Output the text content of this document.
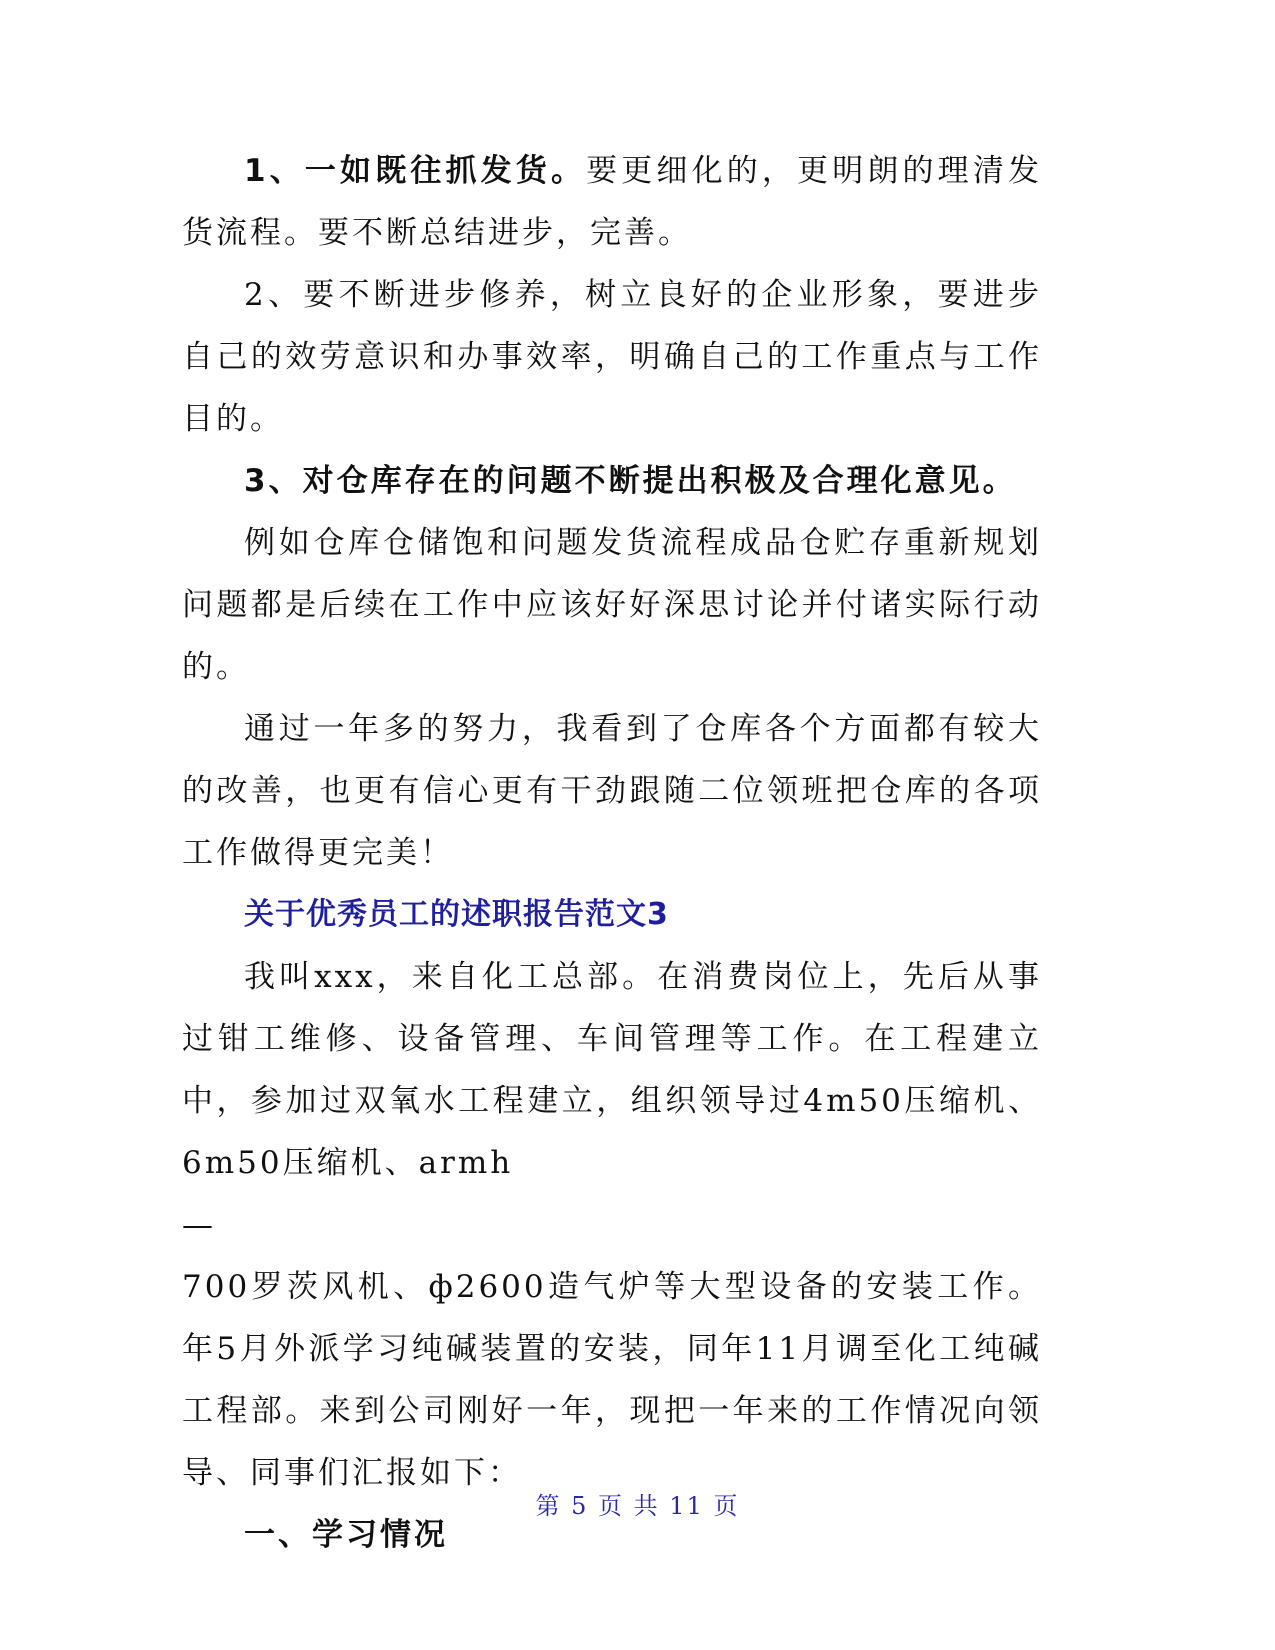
1、一如既往抓发货。要更细化的，更明朗的理清发货流程。要不断总结进步，完善。

2、要不断进步修养，树立良好的企业形象，要进步自己的效劳意识和办事效率，明确自己的工作重点与工作目的。

3、对仓库存在的问题不断提出积极及合理化意见。

例如仓库仓储饱和问题发货流程成品仓贮存重新规划问题都是后续在工作中应该好好深思讨论并付诸实际行动的。

通过一年多的努力，我看到了仓库各个方面都有较大的改善，也更有信心更有干劲跟随二位领班把仓库的各项工作做得更完美！

关于优秀员工的述职报告范文3

我叫xxx，来自化工总部。在消费岗位上，先后从事过钳工维修、设备管理、车间管理等工作。在工程建立中，参加过双氧水工程建立，组织领导过4m50压缩机、6m50压缩机、armh

—

700罗茨风机、ф2600造气炉等大型设备的安装工作。年5月外派学习纯碱装置的安装，同年11月调至化工纯碱工程部。来到公司刚好一年，现把一年来的工作情况向领导、同事们汇报如下：

一、学习情况

第 5 页 共 11 页
